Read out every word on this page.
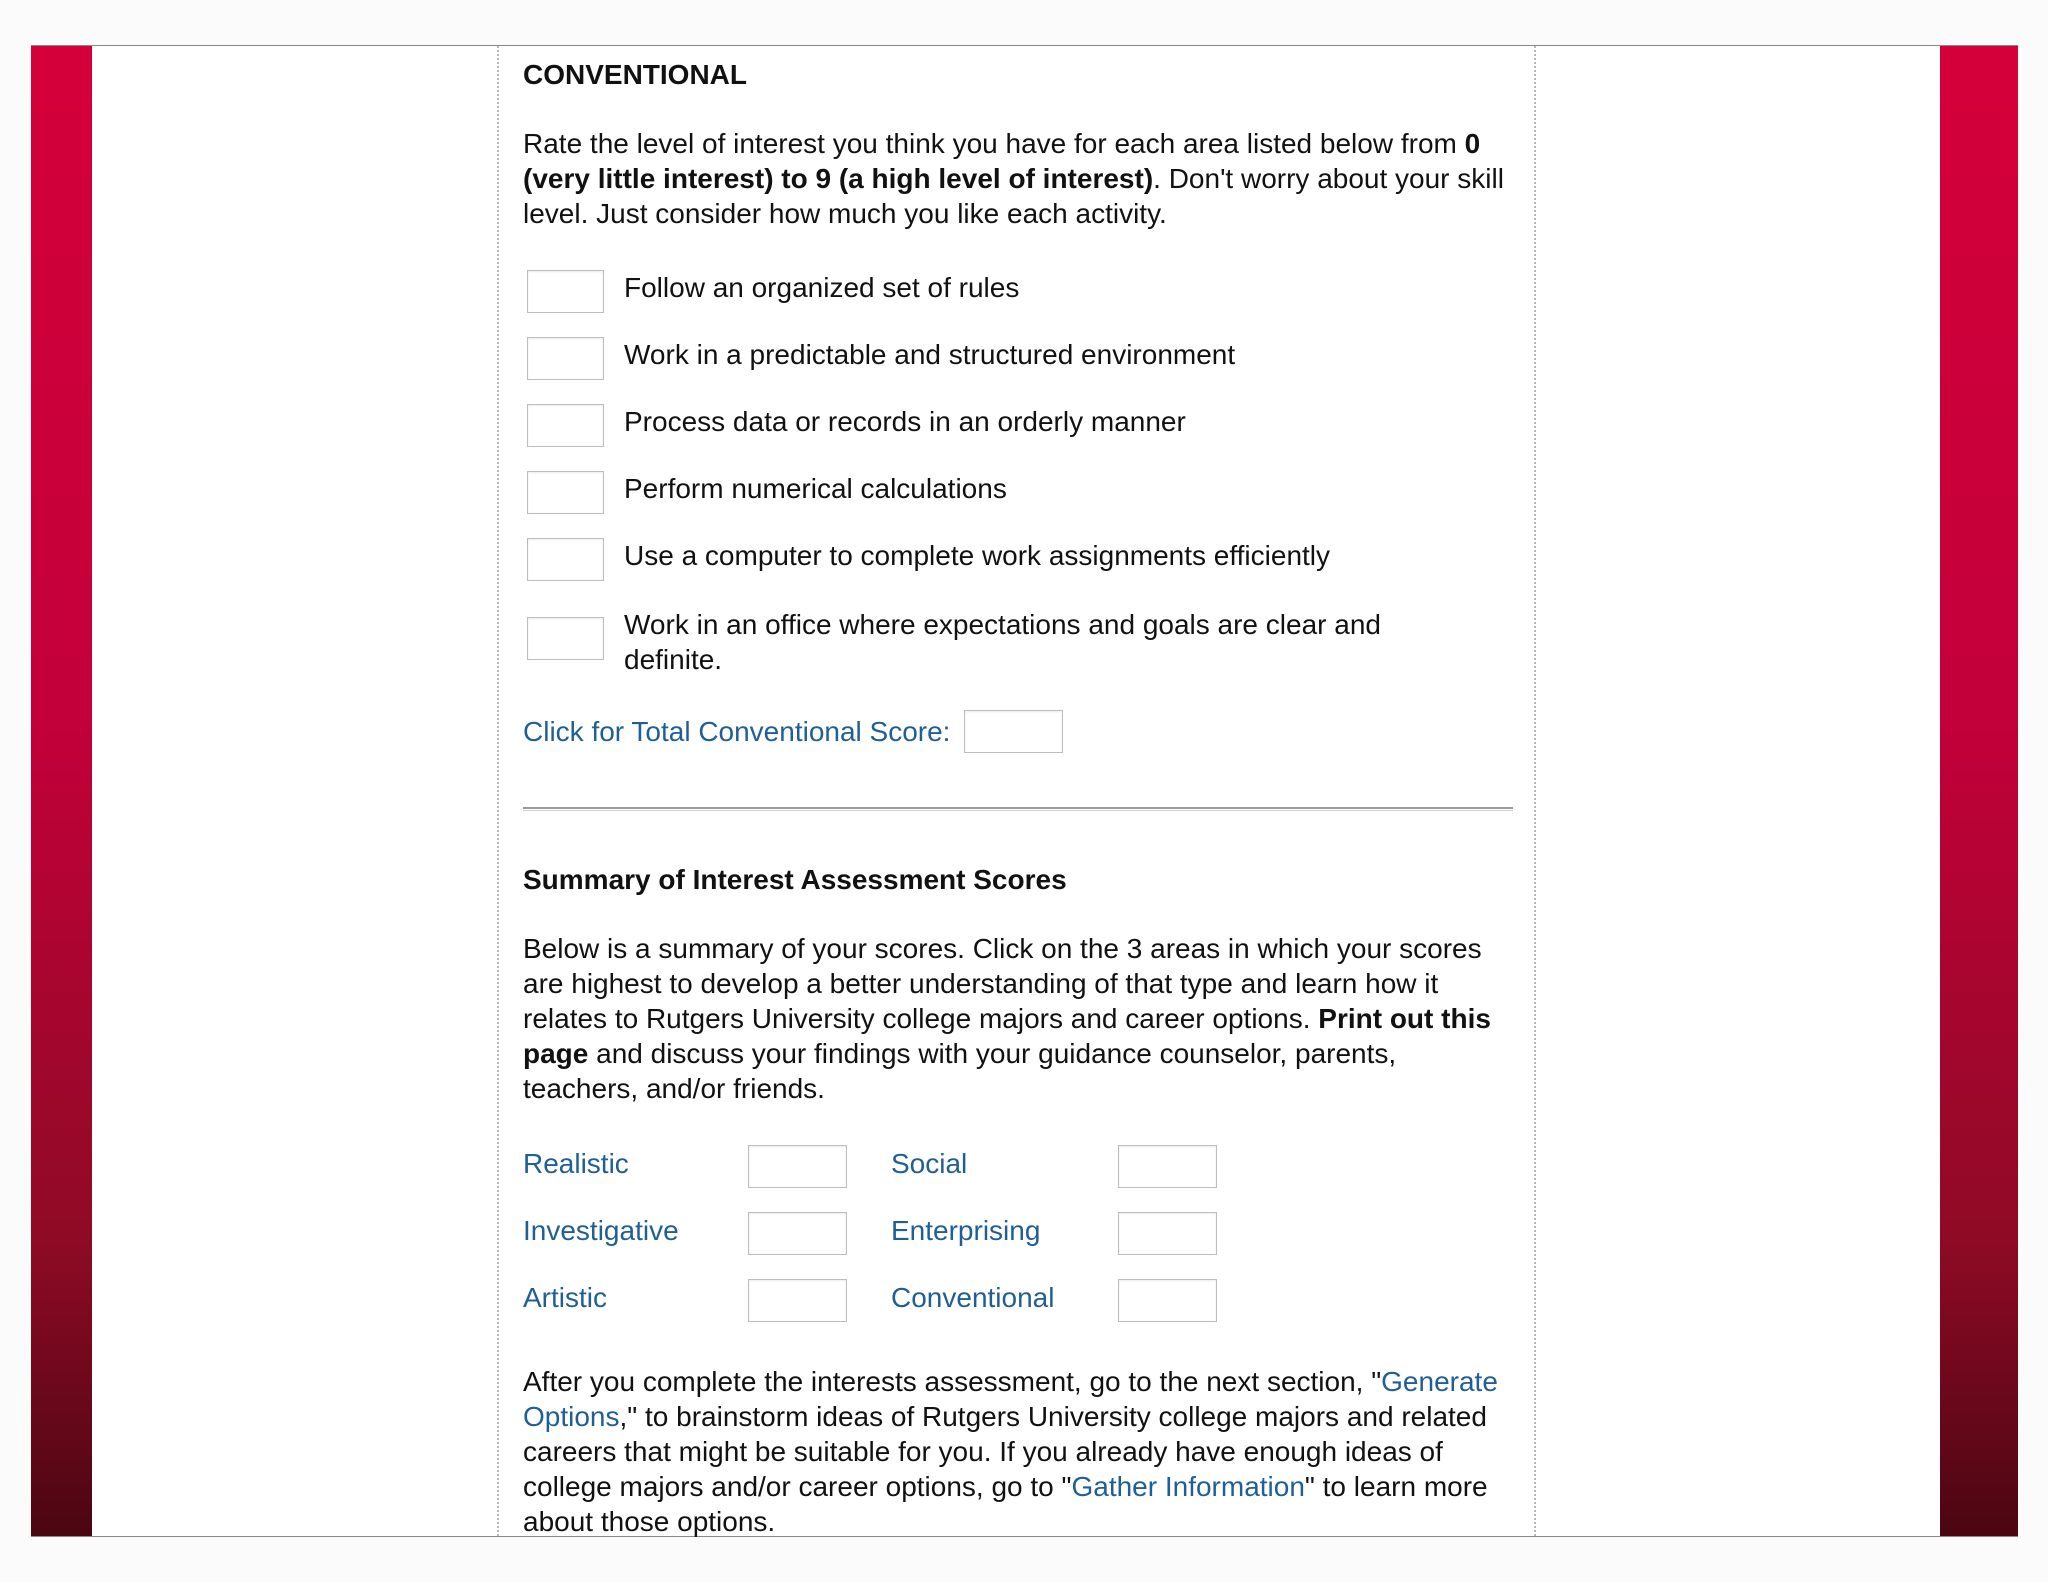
CONVENTIONAL

Rate the level of interest you think you have for each area listed below from 0 (very little interest) to 9 (a high level of interest). Don't worry about your skill level. Just consider how much you like each activity.

Follow an organized set of rules
Work in a predictable and structured environment
Process data or records in an orderly manner
Perform numerical calculations
Use a computer to complete work assignments efficiently
Work in an office where expectations and goals are clear and definite.
Click for Total Conventional Score:
Summary of Interest Assessment Scores

Below is a summary of your scores. Click on the 3 areas in which your scores are highest to develop a better understanding of that type and learn how it relates to Rutgers University college majors and career options. Print out this page and discuss your findings with your guidance counselor, parents, teachers, and/or friends.

Realistic	Social
Investigative	Enterprising
Artistic	Conventional

After you complete the interests assessment, go to the next section, "Generate Options," to brainstorm ideas of Rutgers University college majors and related careers that might be suitable for you. If you already have enough ideas of college majors and/or career options, go to "Gather Information" to learn more about those options.
